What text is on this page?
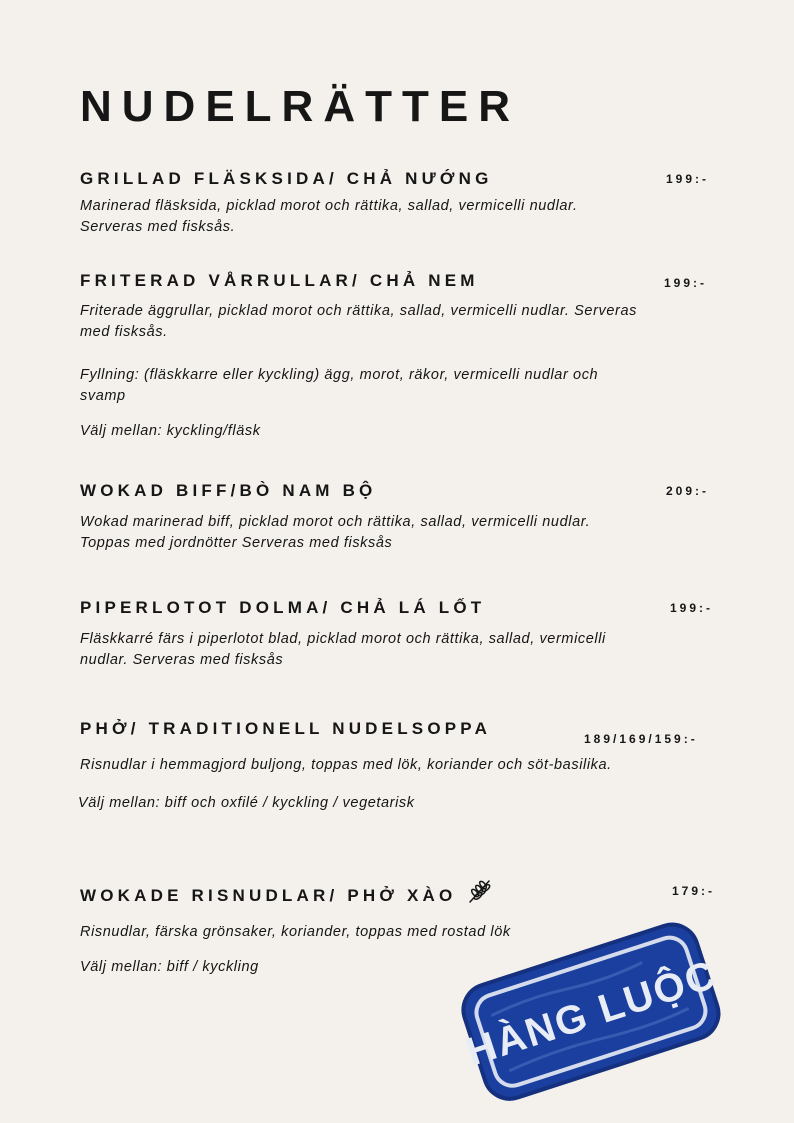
NUDELRÄTTER
GRILLAD FLÄSKSIDA/ CHẢ NƯỚNG
Marinerad fläsksida, picklad morot och rättika, sallad, vermicelli nudlar. Serveras med fisksås.
199:-
FRITERAD VÅRRULLAR/ CHẢ NEM
Friterade äggrullar, picklad morot och rättika, sallad, vermicelli nudlar. Serveras med fisksås.
Fyllning: (fläskkarre eller kyckling) ägg, morot, räkor, vermicelli nudlar och svamp
Välj mellan: kyckling/fläsk
199:-
WOKAD BIFF/BÒ NAM BỘ
Wokad marinerad biff, picklad morot och rättika, sallad, vermicelli nudlar. Toppas med jordnötter Serveras med fisksås
209:-
PIPERLOTOT DOLMA/ CHẢ LÁ LỐT
Fläskkarré färs i piperlotot blad, picklad morot och rättika, sallad, vermicelli nudlar. Serveras med fisksås
199:-
PHỞ/ TRADITIONELL NUDELSOPPA
Risnudlar i hemmagjord buljong, toppas med lök, koriander och söt-basilika.
Välj mellan: biff och oxfilé / kyckling / vegetarisk
189/169/159:-
WOKADE RISNUDLAR/ PHỞ XÀO
Risnudlar, färska grönsaker, koriander, toppas med rostad lök
Välj mellan: biff / kyckling
179:-
HÀNG LUỘC
